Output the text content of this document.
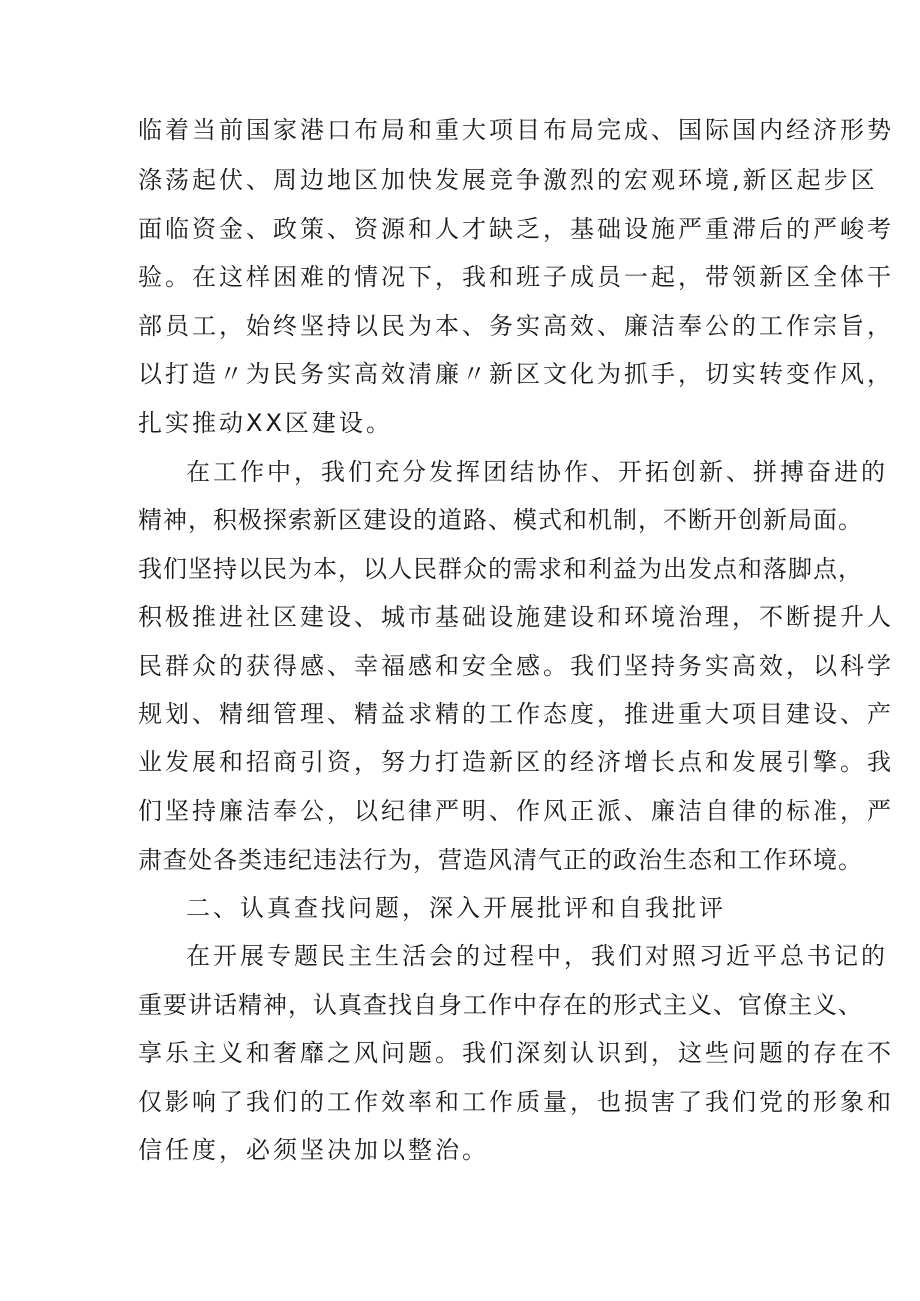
临着当前国家港口布局和重大项目布局完成、国际国内经济形势
涤荡起伏、周边地区加快发展竞争激烈的宏观环境,新区起步区
面临资金、政策、资源和人才缺乏，基础设施严重滞后的严峻考
验。在这样困难的情况下，我和班子成员一起，带领新区全体干
部员工，始终坚持以民为本、务实高效、廉洁奉公的工作宗旨，
以打造〃为民务实高效清廉〃新区文化为抓手，切实转变作风，
扎实推动XX区建设。
在工作中，我们充分发挥团结协作、开拓创新、拼搏奋进的
精神，积极探索新区建设的道路、模式和机制，不断开创新局面。
我们坚持以民为本，以人民群众的需求和利益为出发点和落脚点，
积极推进社区建设、城市基础设施建设和环境治理，不断提升人
民群众的获得感、幸福感和安全感。我们坚持务实高效，以科学
规划、精细管理、精益求精的工作态度，推进重大项目建设、产
业发展和招商引资，努力打造新区的经济增长点和发展引擎。我
们坚持廉洁奉公，以纪律严明、作风正派、廉洁自律的标准，严
肃查处各类违纪违法行为，营造风清气正的政治生态和工作环境。
二、认真查找问题，深入开展批评和自我批评
在开展专题民主生活会的过程中，我们对照习近平总书记的
重要讲话精神，认真查找自身工作中存在的形式主义、官僚主义、
享乐主义和奢靡之风问题。我们深刻认识到，这些问题的存在不
仅影响了我们的工作效率和工作质量，也损害了我们党的形象和
信任度，必须坚决加以整治。
